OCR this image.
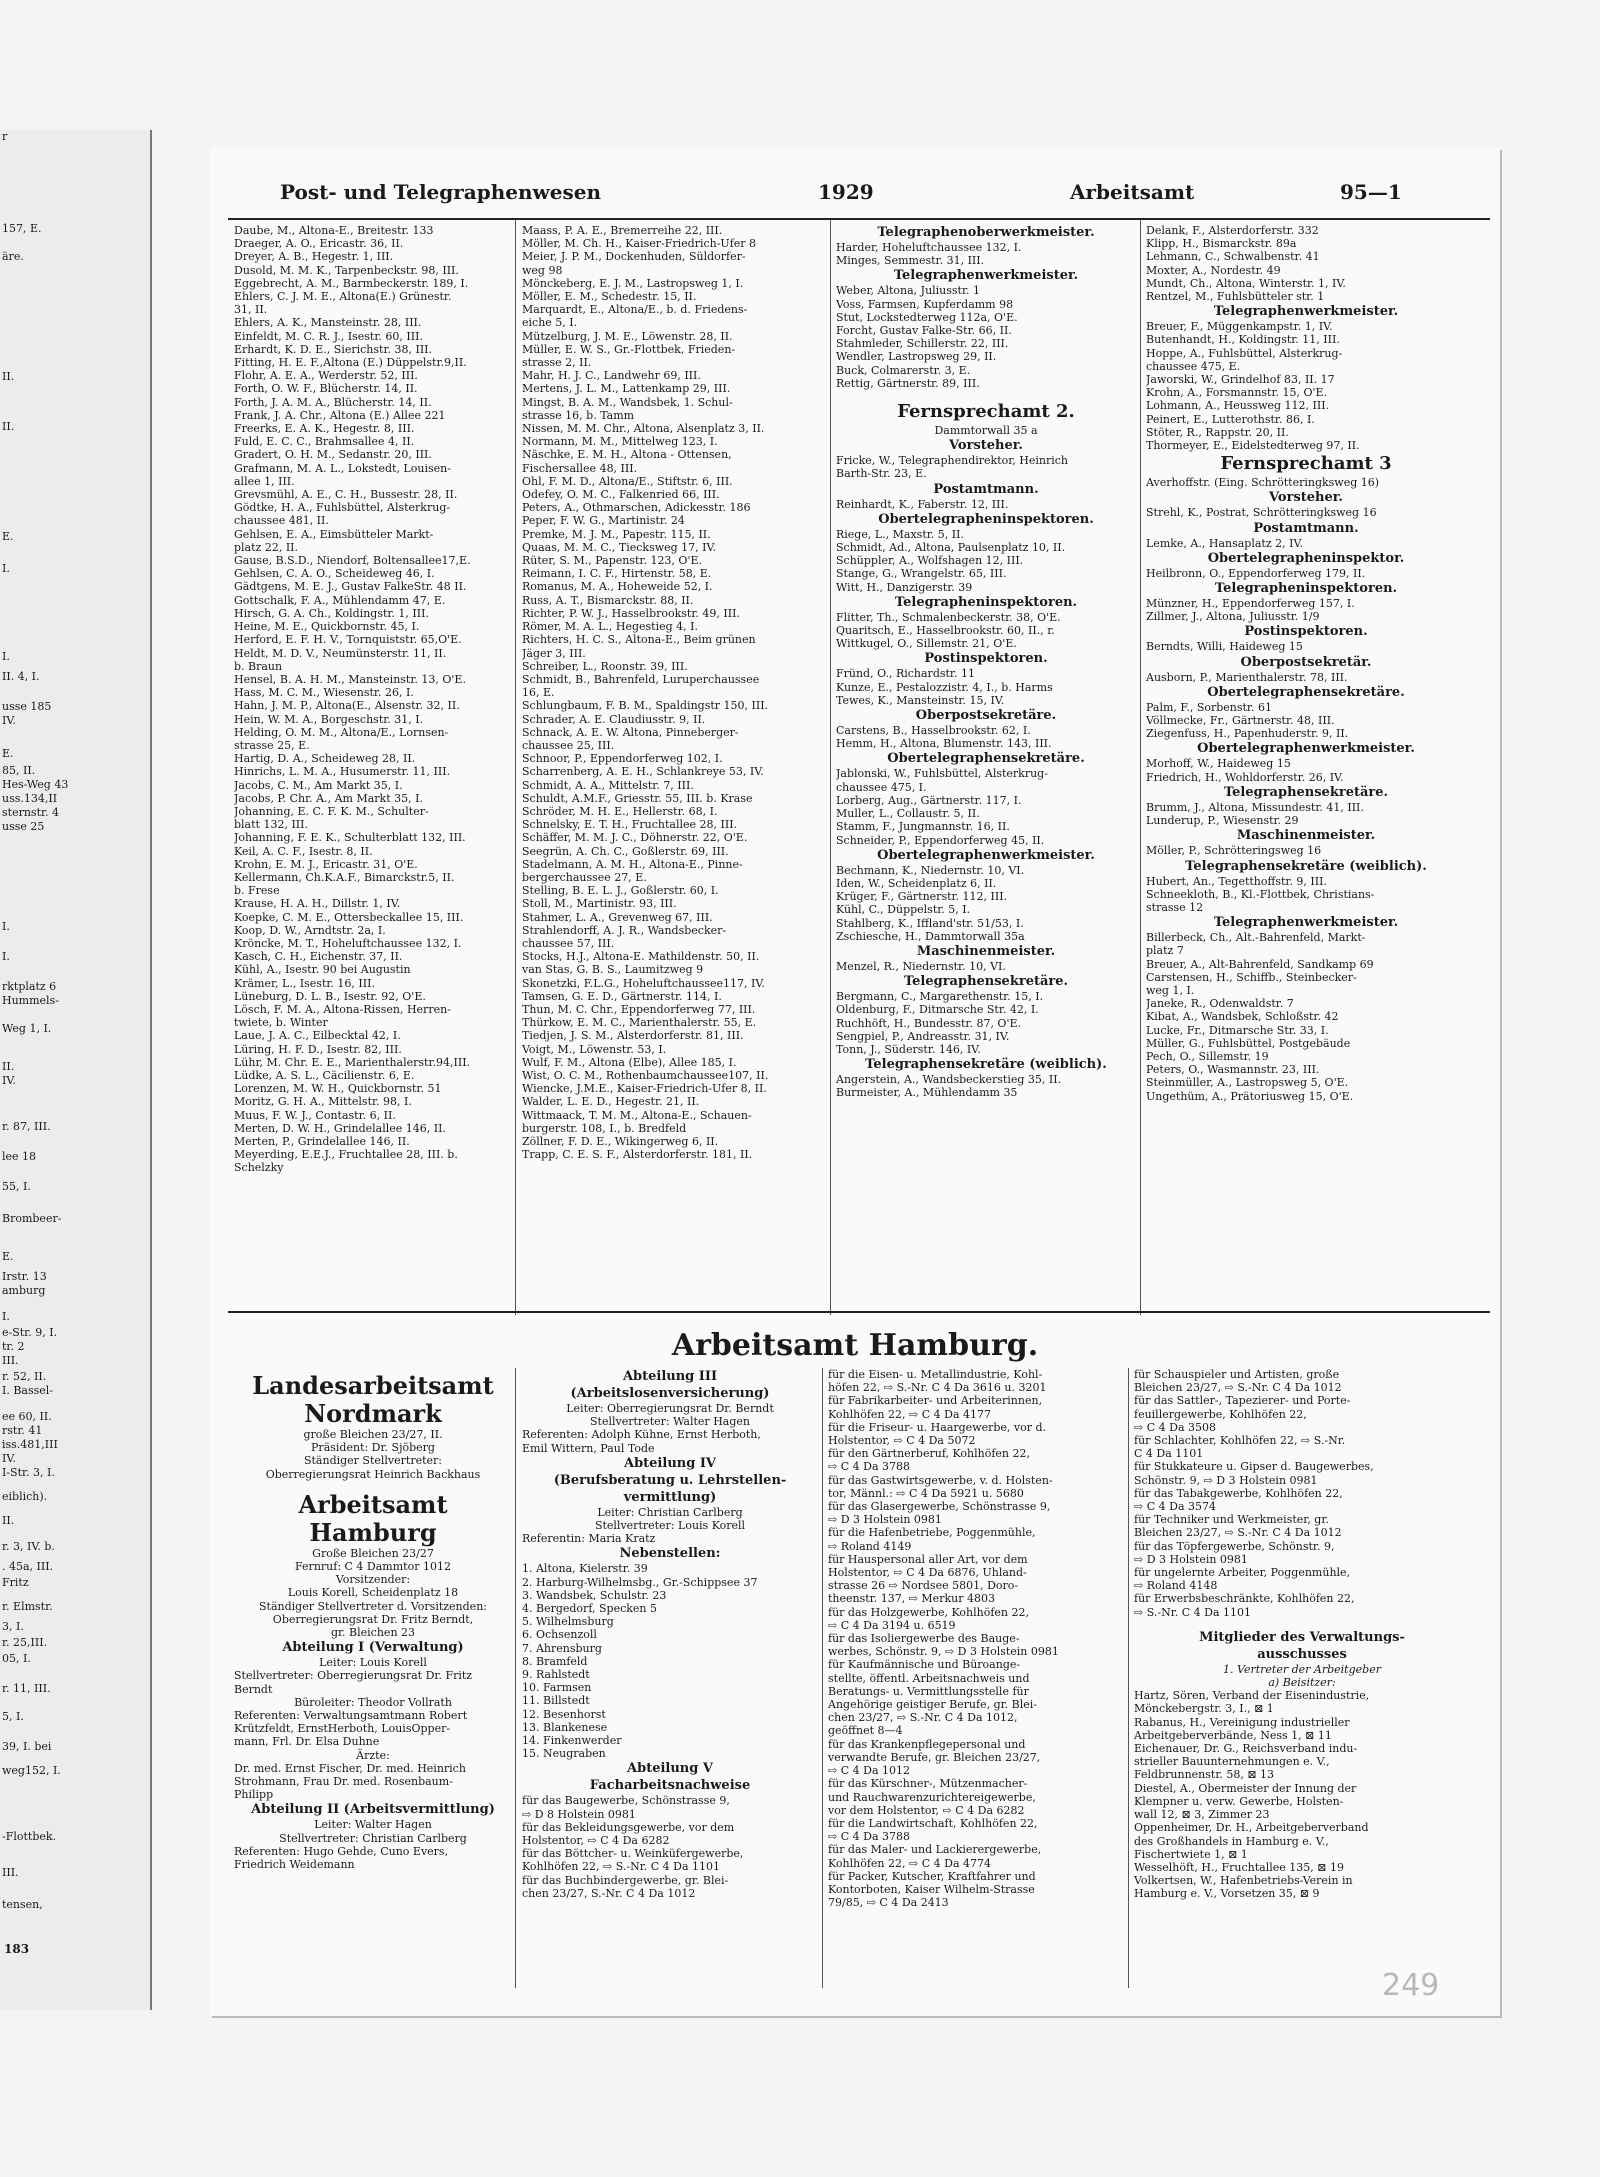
r
157, E.
äre.
II.
II.
E.
I.
I.
II. 4, I.
usse 185
IV.
E.
85, II.
Hes-Weg 43
uss.134,II
sternstr. 4
usse 25
I.
I.
rktplatz 6
Hummels-
Weg 1, I.
II.
IV.
r. 87, III.
lee 18
55, I.
Brombeer-
E.
Irstr. 13
amburg
I.
e-Str. 9, I.
tr. 2
III.
r. 52, II.
I. Bassel-
ee 60, II.
rstr. 41
iss.481,III
IV.
I-Str. 3, I.
eiblich).
II.
r. 3, IV. b.
. 45a, III.
Fritz
r. Elmstr.
3, I.
r. 25,III.
05, I.
r. 11, III.
5, I.
39, I. bei
weg152, I.
-Flottbek.
III.
tensen,
183
Post- und Telegraphenwesen	1929	Arbeitsamt	95—1
Daube, M., Altona-E., Breitestr. 133
Draeger, A. O., Ericastr. 36, II.
Dreyer, A. B., Hegestr. 1, III.
Dusold, M. M. K., Tarpenbeckstr. 98, III.
Eggebrecht, A. M., Barmbeckerstr. 189, I.
Ehlers, C. J. M. E., Altona(E.) Grünestr.
31, II.
Ehlers, A. K., Mansteinstr. 28, III.
Einfeldt, M. C. R. J., Isestr. 60, III.
Erhardt, K. D. E., Sierichstr. 38, III.
Fitting, H. E. F.,Altona (E.) Düppelstr.9,II.
Flohr, A. E. A., Werderstr. 52, III.
Forth, O. W. F., Blücherstr. 14, II.
Forth, J. A. M. A., Blücherstr. 14, II.
Frank, J. A. Chr., Altona (E.) Allee 221
Freerks, E. A. K., Hegestr. 8, III.
Fuld, E. C. C., Brahmsallee 4, II.
Gradert, O. H. M., Sedanstr. 20, III.
Grafmann, M. A. L., Lokstedt, Louisen-
allee 1, III.
Grevsmühl, A. E., C. H., Bussestr. 28, II.
Gödtke, H. A., Fuhlsbüttel, Alsterkrug-
chaussee 481, II.
Gehlsen, E. A., Eimsbütteler Markt-
platz 22, II.
Gause, B.S.D., Niendorf, Boltensallee17,E.
Gehlsen, C. A. O., Scheideweg 46, I.
Gädtgens, M. E. J., Gustav FalkeStr. 48 II.
Gottschalk, F. A., Mühlendamm 47, E.
Hirsch, G. A. Ch., Koldingstr. 1, III.
Heine, M. E., Quickbornstr. 45, I.
Herford, E. F. H. V., Tornquiststr. 65,O'E.
Heldt, M. D. V., Neumünsterstr. 11, II.
b. Braun
Hensel, B. A. H. M., Mansteinstr. 13, O'E.
Hass, M. C. M., Wiesenstr. 26, I.
Hahn, J. M. P., Altona(E., Alsenstr. 32, II.
Hein, W. M. A., Borgeschstr. 31, I.
Helding, O. M. M., Altona/E., Lornsen-
strasse 25, E.
Hartig, D. A., Scheideweg 28, II.
Hinrichs, L. M. A., Husumerstr. 11, III.
Jacobs, C. M., Am Markt 35, I.
Jacobs, P. Chr. A., Am Markt 35, I.
Johanning, E. C. F. K. M., Schulter-
blatt 132, III.
Johanning, F. E. K., Schulterblatt 132, III.
Keil, A. C. F., Isestr. 8, II.
Krohn, E. M. J., Ericastr. 31, O'E.
Kellermann, Ch.K.A.F., Bimarckstr.5, II.
b. Frese
Krause, H. A. H., Dillstr. 1, IV.
Koepke, C. M. E., Ottersbeckallee 15, III.
Koop, D. W., Arndtstr. 2a, I.
Kröncke, M. T., Hoheluftchaussee 132, I.
Kasch, C. H., Eichenstr. 37, II.
Kühl, A., Isestr. 90 bei Augustin
Krämer, L., Isestr. 16, III.
Lüneburg, D. L. B., Isestr. 92, O'E.
Lösch, F. M. A., Altona-Rissen, Herren-
twiete, b. Winter
Laue, J. A. C., Eilbecktal 42, I.
Lüring, H. F. D., Isestr. 82, III.
Lühr, M. Chr. E. E., Marienthalerstr.94,III.
Lüdke, A. S. L., Cäcilienstr. 6, E.
Lorenzen, M. W. H., Quickbornstr. 51
Moritz, G. H. A., Mittelstr. 98, I.
Muus, F. W. J., Contastr. 6, II.
Merten, D. W. H., Grindelallee 146, II.
Merten, P., Grindelallee 146, II.
Meyerding, E.E.J., Fruchtallee 28, III. b.
Schelzky
Maass, P. A. E., Bremerreihe 22, III.
Möller, M. Ch. H., Kaiser-Friedrich-Ufer 8
Meier, J. P. M., Dockenhuden, Süldorfer-
weg 98
Mönckeberg, E. J. M., Lastropsweg 1, I.
Möller, E. M., Schedestr. 15, II.
Marquardt, E., Altona/E., b. d. Friedens-
eiche 5, I.
Mützelburg, J. M. E., Löwenstr. 28, II.
Müller, E. W. S., Gr.-Flottbek, Frieden-
strasse 2, II.
Mahr, H. J. C., Landwehr 69, III.
Mertens, J. L. M., Lattenkamp 29, III.
Mingst, B. A. M., Wandsbek, 1. Schul-
strasse 16, b. Tamm
Nissen, M. M. Chr., Altona, Alsenplatz 3, II.
Normann, M. M., Mittelweg 123, I.
Näschke, E. M. H., Altona - Ottensen,
Fischersallee 48, III.
Ohl, F. M. D., Altona/E., Stiftstr. 6, III.
Odefey, O. M. C., Falkenried 66, III.
Peters, A., Othmarschen, Adickesstr. 186
Peper, F. W. G., Martinistr. 24
Premke, M. J. M., Papestr. 115, II.
Quaas, M. M. C., Tiecksweg 17, IV.
Rüter, S. M., Papenstr. 123, O'E.
Reimann, I. C. F., Hirtenstr. 58, E.
Romanus, M. A., Hoheweide 52, I.
Russ, A. T., Bismarckstr. 88, II.
Richter, P. W. J., Hasselbrookstr. 49, III.
Römer, M. A. L., Hegestieg 4, I.
Richters, H. C. S., Altona-E., Beim grünen
Jäger 3, III.
Schreiber, L., Roonstr. 39, III.
Schmidt, B., Bahrenfeld, Luruperchaussee
16, E.
Schlungbaum, F. B. M., Spaldingstr 150, III.
Schrader, A. E. Claudiusstr. 9, II.
Schnack, A. E. W. Altona, Pinneberger-
chaussee 25, III.
Schnoor, P., Eppendorferweg 102, I.
Scharrenberg, A. E. H., Schlankreye 53, IV.
Schmidt, A. A., Mittelstr. 7, III.
Schuldt, A.M.F., Griesstr. 55, III. b. Krase
Schröder, M. H. E., Hellerstr. 68, I.
Schnelsky, E. T. H., Fruchtallee 28, III.
Schäffer, M. M. J. C., Döhnerstr. 22, O'E.
Seegrün, A. Ch. C., Goßlerstr. 69, III.
Stadelmann, A. M. H., Altona-E., Pinne-
bergerchaussee 27, E.
Stelling, B. E. L. J., Goßlerstr. 60, I.
Stoll, M., Martinistr. 93, III.
Stahmer, L. A., Grevenweg 67, III.
Strahlendorff, A. J. R., Wandsbecker-
chaussee 57, III.
Stocks, H.J., Altona-E. Mathildenstr. 50, II.
van Stas, G. B. S., Laumitzweg 9
Skonetzki, F.L.G., Hoheluftchaussee117, IV.
Tamsen, G. E. D., Gärtnerstr. 114, I.
Thun, M. C. Chr., Eppendorferweg 77, III.
Thürkow, E. M. C., Marienthalerstr. 55, E.
Tiedjen, J. S. M., Alsterdorferstr. 81, III.
Voigt, M., Löwenstr. 53, I.
Wulf, F. M., Altona (Elbe), Allee 185, I.
Wist, O. C. M., Rothenbaumchaussee107, II.
Wiencke, J.M.E., Kaiser-Friedrich-Ufer 8, II.
Walder, L. E. D., Hegestr. 21, II.
Wittmaack, T. M. M., Altona-E., Schauen-
burgerstr. 108, I., b. Bredfeld
Zöllner, F. D. E., Wikingerweg 6, II.
Trapp, C. E. S. F., Alsterdorferstr. 181, II.
Telegraphenoberwerkmeister.
Harder, Hoheluftchaussee 132, I.
Minges, Semmestr. 31, III.
Telegraphenwerkmeister.
Weber, Altona, Juliusstr. 1
Voss, Farmsen, Kupferdamm 98
Stut, Lockstedterweg 112a, O'E.
Forcht, Gustav Falke-Str. 66, II.
Stahmleder, Schillerstr. 22, III.
Wendler, Lastropsweg 29, II.
Buck, Colmarerstr. 3, E.
Rettig, Gärtnerstr. 89, III.
Fernsprechamt 2.
Dammtorwall 35 a
Vorsteher.
Fricke, W., Telegraphendirektor, Heinrich
Barth-Str. 23, E.
Postamtmann.
Reinhardt, K., Faberstr. 12, III.
Obertelegrapheninspektoren.
Riege, L., Maxstr. 5, II.
Schmidt, Ad., Altona, Paulsenplatz 10, II.
Schüppler, A., Wolfshagen 12, III.
Stange, G., Wrangelstr. 65, III.
Witt, H., Danzigerstr. 39
Telegrapheninspektoren.
Flitter, Th., Schmalenbeckerstr. 38, O'E.
Quaritsch, E., Hasselbrookstr. 60, II., r.
Wittkugel, O., Sillemstr. 21, O'E.
Postinspektoren.
Fründ, O., Richardstr. 11
Kunze, E., Pestalozzistr. 4, I., b. Harms
Tewes, K., Mansteinstr. 15, IV.
Oberpostsekretäre.
Carstens, B., Hasselbrookstr. 62, I.
Hemm, H., Altona, Blumenstr. 143, III.
Obertelegraphensekretäre.
Jablonski, W., Fuhlsbüttel, Alsterkrug-
chaussee 475, I.
Lorberg, Aug., Gärtnerstr. 117, I.
Muller, L., Collaustr. 5, II.
Stamm, F., Jungmannstr. 16, II.
Schneider, P., Eppendorferweg 45, II.
Obertelegraphenwerkmeister.
Bechmann, K., Niedernstr. 10, VI.
Iden, W., Scheidenplatz 6, II.
Krüger, F., Gärtnerstr. 112, III.
Kühl, C., Düppelstr. 5, I.
Stahlberg, K., Iffland'str. 51/53, I.
Zschiesche, H., Dammtorwall 35a
Maschinenmeister.
Menzel, R., Niedernstr. 10, VI.
Telegraphensekretäre.
Bergmann, C., Margarethenstr. 15, I.
Oldenburg, F., Ditmarsche Str. 42, I.
Ruchhöft, H., Bundesstr. 87, O'E.
Sengpiel, P., Andreasstr. 31, IV.
Tonn, J., Süderstr. 146, IV.
Telegraphensekretäre (weiblich).
Angerstein, A., Wandsbeckerstieg 35, II.
Burmeister, A., Mühlendamm 35
Delank, F., Alsterdorferstr. 332
Klipp, H., Bismarckstr. 89a
Lehmann, C., Schwalbenstr. 41
Moxter, A., Nordestr. 49
Mundt, Ch., Altona, Winterstr. 1, IV.
Rentzel, M., Fuhlsbütteler str. 1
Telegraphenwerkmeister.
Breuer, F., Müggenkampstr. 1, IV.
Butenhandt, H., Koldingstr. 11, III.
Hoppe, A., Fuhlsbüttel, Alsterkrug-
chaussee 475, E.
Jaworski, W., Grindelhof 83, II. 17
Krohn, A., Forsmannstr. 15, O'E.
Lohmann, A., Heussweg 112, III.
Peinert, E., Lutterothstr. 86, I.
Stöter, R., Rappstr. 20, II.
Thormeyer, E., Eidelstedterweg 97, II.
Fernsprechamt 3
Averhoffstr. (Eing. Schrötteringksweg 16)
Vorsteher.
Strehl, K., Postrat, Schrötteringksweg 16
Postamtmann.
Lemke, A., Hansaplatz 2, IV.
Obertelegrapheninspektor.
Heilbronn, O., Eppendorferweg 179, II.
Telegrapheninspektoren.
Münzner, H., Eppendorferweg 157, I.
Zillmer, J., Altona, Juliusstr. 1/9
Postinspektoren.
Berndts, Willi, Haideweg 15
Oberpostsekretär.
Ausborn, P., Marienthalerstr. 78, III.
Obertelegraphensekretäre.
Palm, F., Sorbenstr. 61
Völlmecke, Fr., Gärtnerstr. 48, III.
Ziegenfuss, H., Papenhuderstr. 9, II.
Obertelegraphenwerkmeister.
Morhoff, W., Haideweg 15
Friedrich, H., Wohldorferstr. 26, IV.
Telegraphensekretäre.
Brumm, J., Altona, Missundestr. 41, III.
Lunderup, P., Wiesenstr. 29
Maschinenmeister.
Möller, P., Schrötteringsweg 16
Telegraphensekretäre (weiblich).
Hubert, An., Tegetthoffstr. 9, III.
Schneekloth, B., Kl.-Flottbek, Christians-
strasse 12
Telegraphenwerkmeister.
Billerbeck, Ch., Alt.-Bahrenfeld, Markt-
platz 7
Breuer, A., Alt-Bahrenfeld, Sandkamp 69
Carstensen, H., Schiffb., Steinbecker-
weg 1, I.
Janeke, R., Odenwaldstr. 7
Kibat, A., Wandsbek, Schloßstr. 42
Lucke, Fr., Ditmarsche Str. 33, I.
Müller, G., Fuhlsbüttel, Postgebäude
Pech, O., Sillemstr. 19
Peters, O., Wasmannstr. 23, III.
Steinmüller, A., Lastropsweg 5, O'E.
Ungethüm, A., Prätoriusweg 15, O'E.
Arbeitsamt Hamburg.
Landesarbeitsamt
Nordmark
große Bleichen 23/27, II.
Präsident: Dr. Sjöberg
Ständiger Stellvertreter:
Oberregierungsrat Heinrich Backhaus
Arbeitsamt
Hamburg
Große Bleichen 23/27
Fernruf: C 4 Dammtor 1012
Vorsitzender:
Louis Korell, Scheidenplatz 18
Ständiger Stellvertreter d. Vorsitzenden:
Oberregierungsrat Dr. Fritz Berndt,
gr. Bleichen 23
Abteilung I (Verwaltung)
Leiter: Louis Korell
Stellvertreter: Oberregierungsrat Dr. Fritz
Berndt
Büroleiter: Theodor Vollrath
Referenten: Verwaltungsamtmann Robert
Krützfeldt, ErnstHerboth, LouisOpper-
mann, Frl. Dr. Elsa Duhne
Ärzte:
Dr. med. Ernst Fischer, Dr. med. Heinrich
Strohmann, Frau Dr. med. Rosenbaum-
Philipp
Abteilung II (Arbeitsvermittlung)
Leiter: Walter Hagen
Stellvertreter: Christian Carlberg
Referenten: Hugo Gehde, Cuno Evers,
Friedrich Weidemann
Abteilung III
(Arbeitslosenversicherung)
Leiter: Oberregierungsrat Dr. Berndt
Stellvertreter: Walter Hagen
Referenten: Adolph Kühne, Ernst Herboth,
Emil Wittern, Paul Tode
Abteilung IV
(Berufsberatung u. Lehrstellen-
vermittlung)
Leiter: Christian Carlberg
Stellvertreter: Louis Korell
Referentin: Maria Kratz
Nebenstellen:
1. Altona, Kielerstr. 39
2. Harburg-Wilhelmsbg., Gr.-Schippsee 37
3. Wandsbek, Schulstr. 23
4. Bergedorf, Specken 5
5. Wilhelmsburg
6. Ochsenzoll
7. Ahrensburg
8. Bramfeld
9. Rahlstedt
10. Farmsen
11. Billstedt
12. Besenhorst
13. Blankenese
14. Finkenwerder
15. Neugraben
Abteilung V
Facharbeitsnachweise
für das Baugewerbe, Schönstrasse 9,
⇨ D 8 Holstein 0981
für das Bekleidungsgewerbe, vor dem
Holstentor, ⇨ C 4 Da 6282
für das Böttcher- u. Weinküfergewerbe,
Kohlhöfen 22, ⇨ S.-Nr. C 4 Da 1101
für das Buchbindergewerbe, gr. Blei-
chen 23/27, S.-Nr. C 4 Da 1012
für die Eisen- u. Metallindustrie, Kohl-
höfen 22, ⇨ S.-Nr. C 4 Da 3616 u. 3201
für Fabrikarbeiter- und Arbeiterinnen,
Kohlhöfen 22, ⇨ C 4 Da 4177
für die Friseur- u. Haargewerbe, vor d.
Holstentor, ⇨ C 4 Da 5072
für den Gärtnerberuf, Kohlhöfen 22,
⇨ C 4 Da 3788
für das Gastwirtsgewerbe, v. d. Holsten-
tor, Männl.: ⇨ C 4 Da 5921 u. 5680
für das Glasergewerbe, Schönstrasse 9,
⇨ D 3 Holstein 0981
für die Hafenbetriebe, Poggenmühle,
⇨ Roland 4149
für Hauspersonal aller Art, vor dem
Holstentor, ⇨ C 4 Da 6876, Uhland-
strasse 26 ⇨ Nordsee 5801, Doro-
theenstr. 137, ⇨ Merkur 4803
für das Holzgewerbe, Kohlhöfen 22,
⇨ C 4 Da 3194 u. 6519
für das Isoliergewerbe des Bauge-
werbes, Schönstr. 9, ⇨ D 3 Holstein 0981
für Kaufmännische und Büroange-
stellte, öffentl. Arbeitsnachweis und
Beratungs- u. Vermittlungsstelle für
Angehörige geistiger Berufe, gr. Blei-
chen 23/27, ⇨ S.-Nr. C 4 Da 1012,
geöffnet 8—4
für das Krankenpflegepersonal und
verwandte Berufe, gr. Bleichen 23/27,
⇨ C 4 Da 1012
für das Kürschner-, Mützenmacher-
und Rauchwarenzurichtereigewerbe,
vor dem Holstentor, ⇨ C 4 Da 6282
für die Landwirtschaft, Kohlhöfen 22,
⇨ C 4 Da 3788
für das Maler- und Lackierergewerbe,
Kohlhöfen 22, ⇨ C 4 Da 4774
für Packer, Kutscher, Kraftfahrer und
Kontorboten, Kaiser Wilhelm-Strasse
79/85, ⇨ C 4 Da 2413
für Schauspieler und Artisten, große
Bleichen 23/27, ⇨ S.-Nr. C 4 Da 1012
für das Sattler-, Tapezierer- und Porte-
feuillergewerbe, Kohlhöfen 22,
⇨ C 4 Da 3508
für Schlachter, Kohlhöfen 22, ⇨ S.-Nr.
C 4 Da 1101
für Stukkateure u. Gipser d. Baugewerbes,
Schönstr. 9, ⇨ D 3 Holstein 0981
für das Tabakgewerbe, Kohlhöfen 22,
⇨ C 4 Da 3574
für Techniker und Werkmeister, gr.
Bleichen 23/27, ⇨ S.-Nr. C 4 Da 1012
für das Töpfergewerbe, Schönstr. 9,
⇨ D 3 Holstein 0981
für ungelernte Arbeiter, Poggenmühle,
⇨ Roland 4148
für Erwerbsbeschränkte, Kohlhöfen 22,
⇨ S.-Nr. C 4 Da 1101
Mitglieder des Verwaltungs-
ausschusses
1. Vertreter der Arbeitgeber
a) Beisitzer:
Hartz, Sören, Verband der Eisenindustrie,
Mönckebergstr. 3, I., ⊠ 1
Rabanus, H., Vereinigung industrieller
Arbeitgeberverbände, Ness 1, ⊠ 11
Eichenauer, Dr. G., Reichsverband indu-
strieller Bauunternehmungen e. V.,
Feldbrunnenstr. 58, ⊠ 13
Diestel, A., Obermeister der Innung der
Klempner u. verw. Gewerbe, Holsten-
wall 12, ⊠ 3, Zimmer 23
Oppenheimer, Dr. H., Arbeitgeberverband
des Großhandels in Hamburg e. V.,
Fischertwiete 1, ⊠ 1
Wesselhöft, H., Fruchtallee 135, ⊠ 19
Volkertsen, W., Hafenbetriebs-Verein in
Hamburg e. V., Vorsetzen 35, ⊠ 9
249
